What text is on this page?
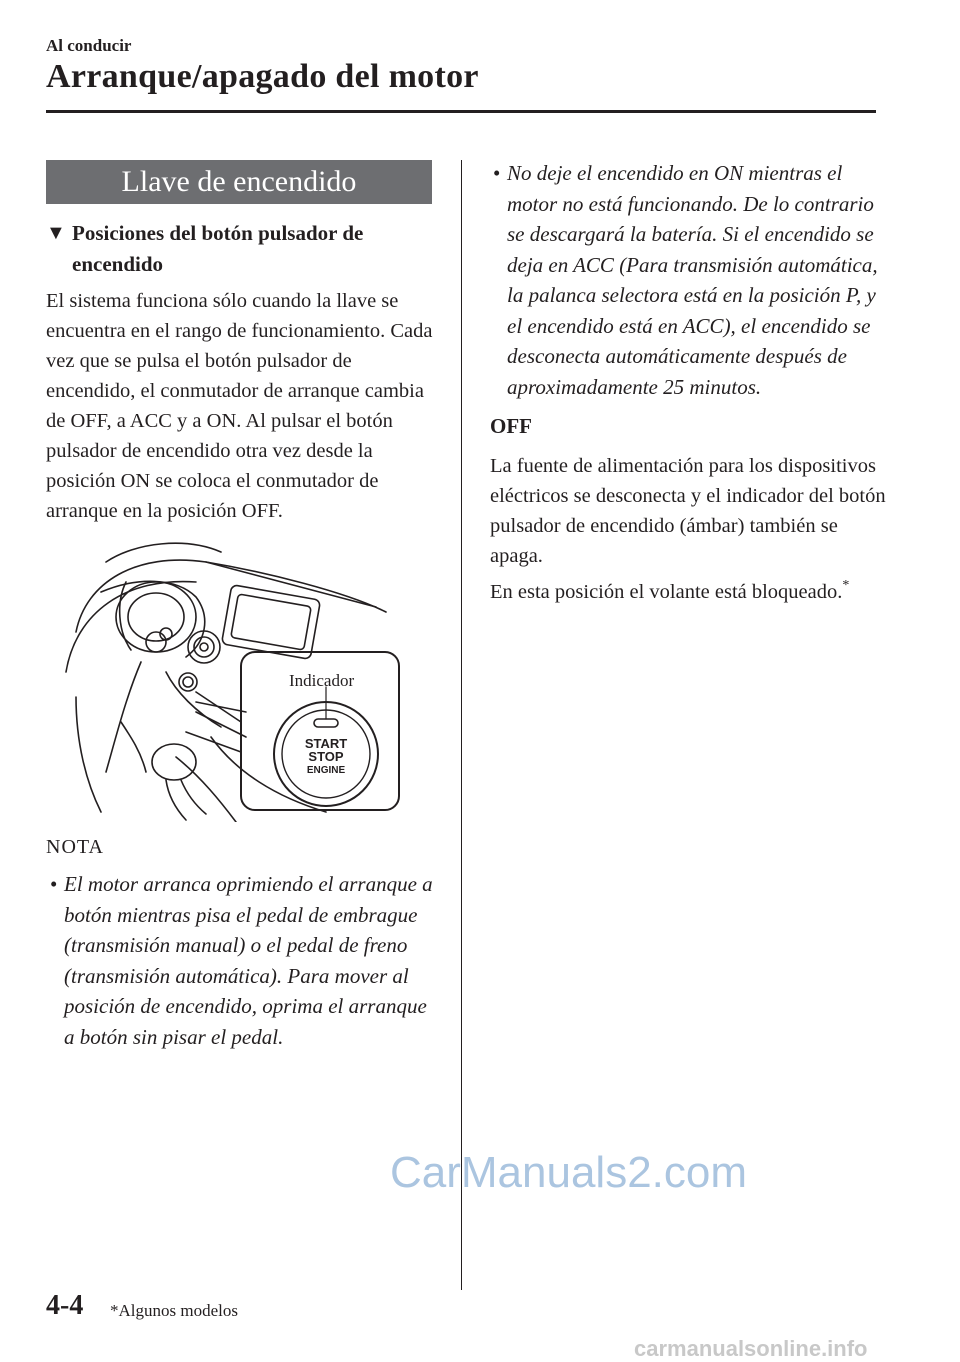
Al conducir
Arranque/apagado del motor
Llave de encendido
▼ Posiciones del botón pulsador de encendido
El sistema funciona sólo cuando la llave se encuentra en el rango de funcionamiento. Cada vez que se pulsa el botón pulsador de encendido, el conmutador de arranque cambia de OFF, a ACC y a ON. Al pulsar el botón pulsador de encendido otra vez desde la posición ON se coloca el conmutador de arranque en la posición OFF.
Indicador
START
STOP
ENGINE
NOTA
• El motor arranca oprimiendo el arranque a botón mientras pisa el pedal de embrague (transmisión manual) o el pedal de freno (transmisión automática). Para mover al posición de encendido, oprima el arranque a botón sin pisar el pedal.
• No deje el encendido en ON mientras el motor no está funcionando. De lo contrario se descargará la batería. Si el encendido se deja en ACC (Para transmisión automática, la palanca selectora está en la posición P, y el encendido está en ACC), el encendido se desconecta automáticamente después de aproximadamente 25 minutos.
OFF
La fuente de alimentación para los dispositivos eléctricos se desconecta y el indicador del botón pulsador de encendido (ámbar) también se apaga.
En esta posición el volante está bloqueado.*
4-4 *Algunos modelos
CarManuals2.com
carmanualsonline.info
